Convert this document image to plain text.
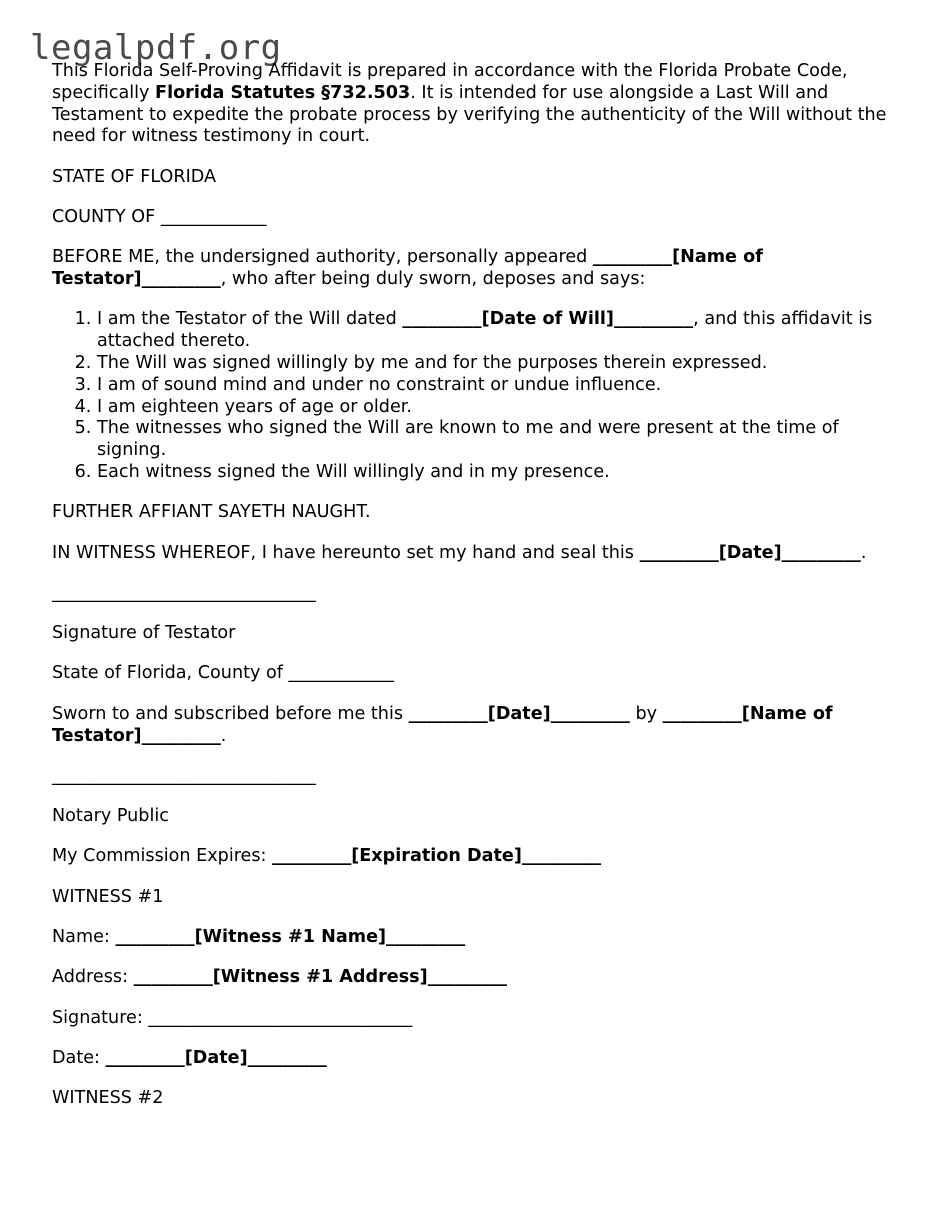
legalpdf.org

This Florida Self-Proving Affidavit is prepared in accordance with the Florida Probate Code, specifically Florida Statutes §732.503. It is intended for use alongside a Last Will and Testament to expedite the probate process by verifying the authenticity of the Will without the need for witness testimony in court.

STATE OF FLORIDA

COUNTY OF ____________

BEFORE ME, the undersigned authority, personally appeared _________[Name of Testator]_________, who after being duly sworn, deposes and says:

1. I am the Testator of the Will dated _________[Date of Will]_________, and this affidavit is attached thereto.
2. The Will was signed willingly by me and for the purposes therein expressed.
3. I am of sound mind and under no constraint or undue influence.
4. I am eighteen years of age or older.
5. The witnesses who signed the Will are known to me and were present at the time of signing.
6. Each witness signed the Will willingly and in my presence.

FURTHER AFFIANT SAYETH NAUGHT.

IN WITNESS WHEREOF, I have hereunto set my hand and seal this _________[Date]_________.

______________________________

Signature of Testator

State of Florida, County of ____________

Sworn to and subscribed before me this _________[Date]_________ by _________[Name of Testator]_________.

______________________________

Notary Public

My Commission Expires: _________[Expiration Date]_________

WITNESS #1

Name: _________[Witness #1 Name]_________

Address: _________[Witness #1 Address]_________

Signature: ______________________________

Date: _________[Date]_________

WITNESS #2
